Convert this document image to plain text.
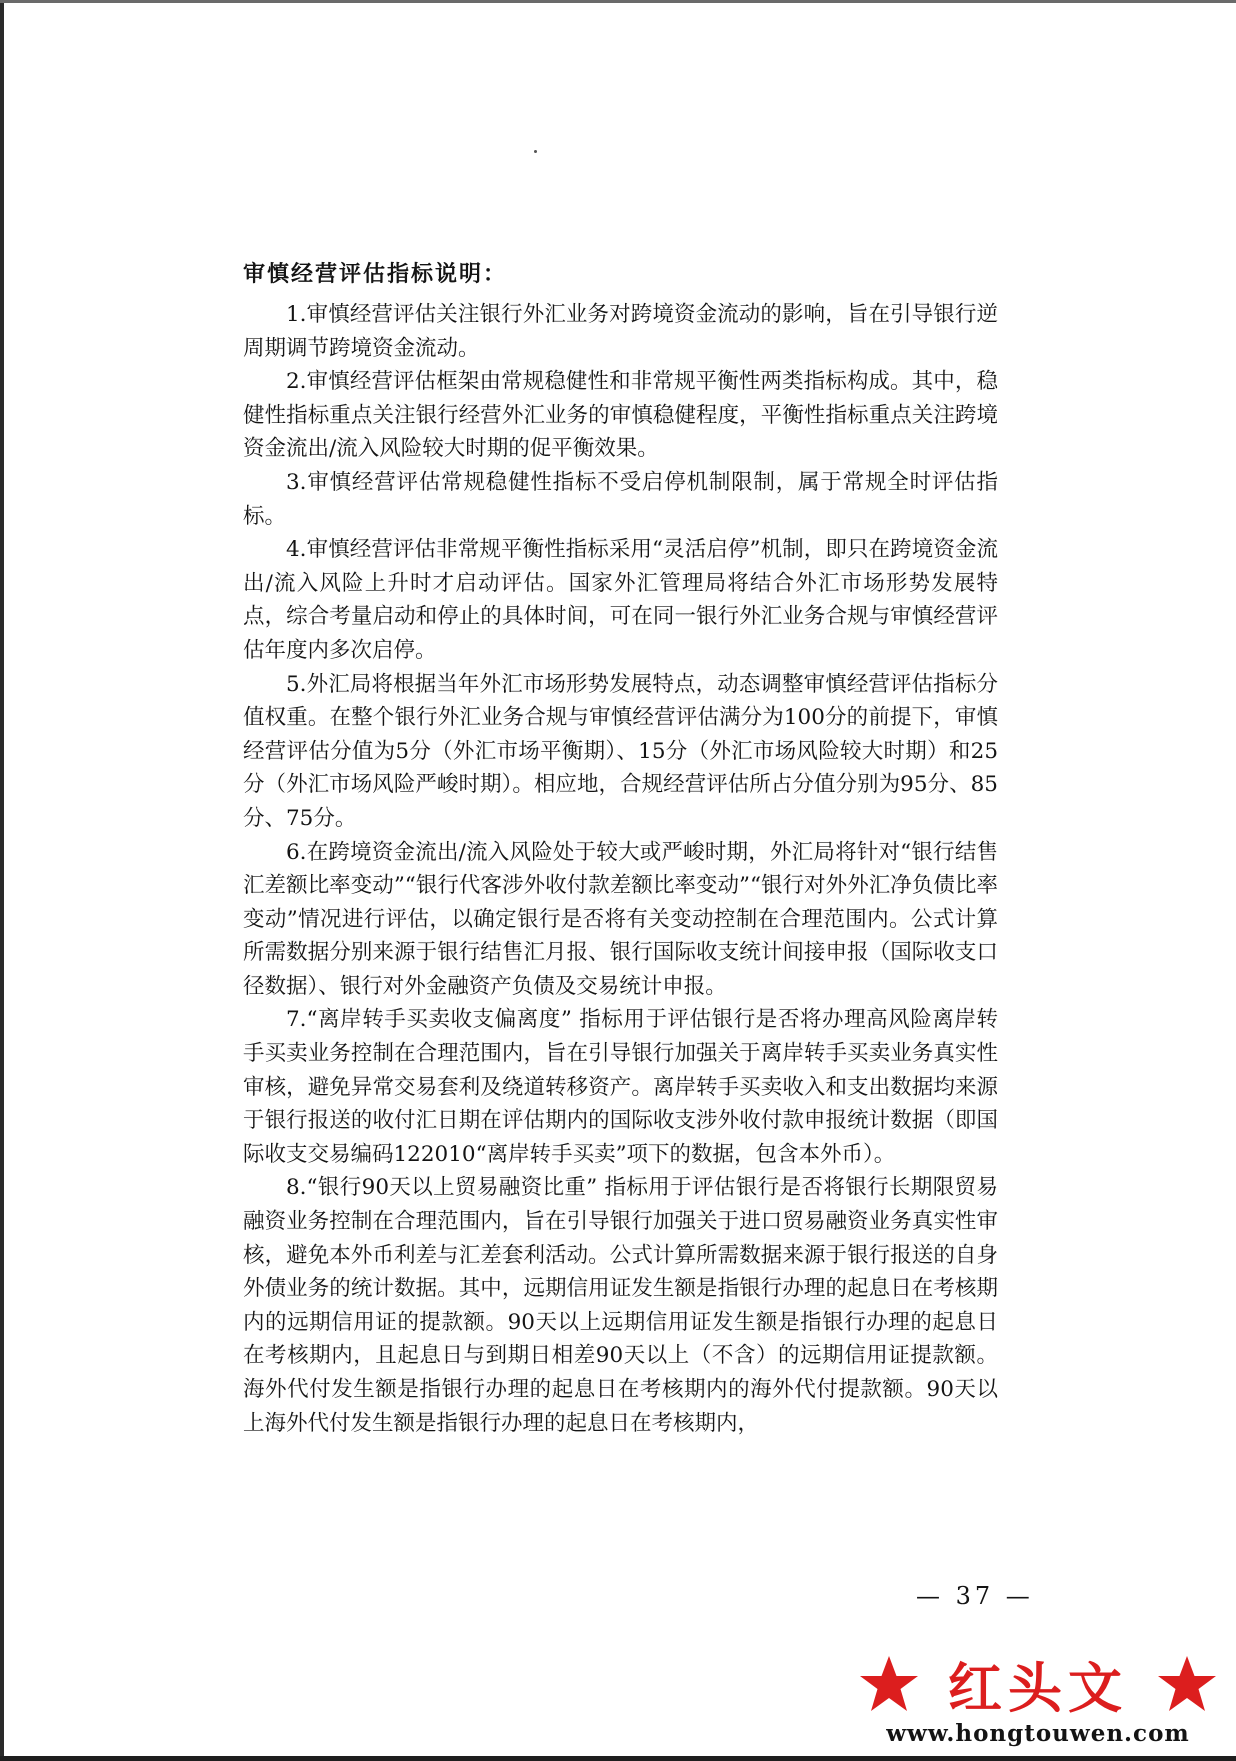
审慎经营评估指标说明：

1.审慎经营评估关注银行外汇业务对跨境资金流动的影响，旨在引导银行逆周期调节跨境资金流动。

2.审慎经营评估框架由常规稳健性和非常规平衡性两类指标构成。其中，稳健性指标重点关注银行经营外汇业务的审慎稳健程度，平衡性指标重点关注跨境资金流出/流入风险较大时期的促平衡效果。

3.审慎经营评估常规稳健性指标不受启停机制限制，属于常规全时评估指标。

4.审慎经营评估非常规平衡性指标采用“灵活启停”机制，即只在跨境资金流出/流入风险上升时才启动评估。国家外汇管理局将结合外汇市场形势发展特点，综合考量启动和停止的具体时间，可在同一银行外汇业务合规与审慎经营评估年度内多次启停。

5.外汇局将根据当年外汇市场形势发展特点，动态调整审慎经营评估指标分值权重。在整个银行外汇业务合规与审慎经营评估满分为100分的前提下，审慎经营评估分值为5分（外汇市场平衡期）、15分（外汇市场风险较大时期）和25分（外汇市场风险严峻时期）。相应地，合规经营评估所占分值分别为95分、85分、75分。

6.在跨境资金流出/流入风险处于较大或严峻时期，外汇局将针对“银行结售汇差额比率变动”“银行代客涉外收付款差额比率变动”“银行对外外汇净负债比率变动”情况进行评估，以确定银行是否将有关变动控制在合理范围内。公式计算所需数据分别来源于银行结售汇月报、银行国际收支统计间接申报（国际收支口径数据）、银行对外金融资产负债及交易统计申报。

7.“离岸转手买卖收支偏离度” 指标用于评估银行是否将办理高风险离岸转手买卖业务控制在合理范围内，旨在引导银行加强关于离岸转手买卖业务真实性审核，避免异常交易套利及绕道转移资产。离岸转手买卖收入和支出数据均来源于银行报送的收付汇日期在评估期内的国际收支涉外收付款申报统计数据（即国际收支交易编码122010“离岸转手买卖”项下的数据，包含本外币）。

8.“银行90天以上贸易融资比重” 指标用于评估银行是否将银行长期限贸易融资业务控制在合理范围内，旨在引导银行加强关于进口贸易融资业务真实性审核，避免本外币利差与汇差套利活动。公式计算所需数据来源于银行报送的自身外债业务的统计数据。其中，远期信用证发生额是指银行办理的起息日在考核期内的远期信用证的提款额。90天以上远期信用证发生额是指银行办理的起息日在考核期内，且起息日与到期日相差90天以上（不含）的远期信用证提款额。海外代付发生额是指银行办理的起息日在考核期内的海外代付提款额。90天以上海外代付发生额是指银行办理的起息日在考核期内，

— 37 —
红头文
www.hongtouwen.com
